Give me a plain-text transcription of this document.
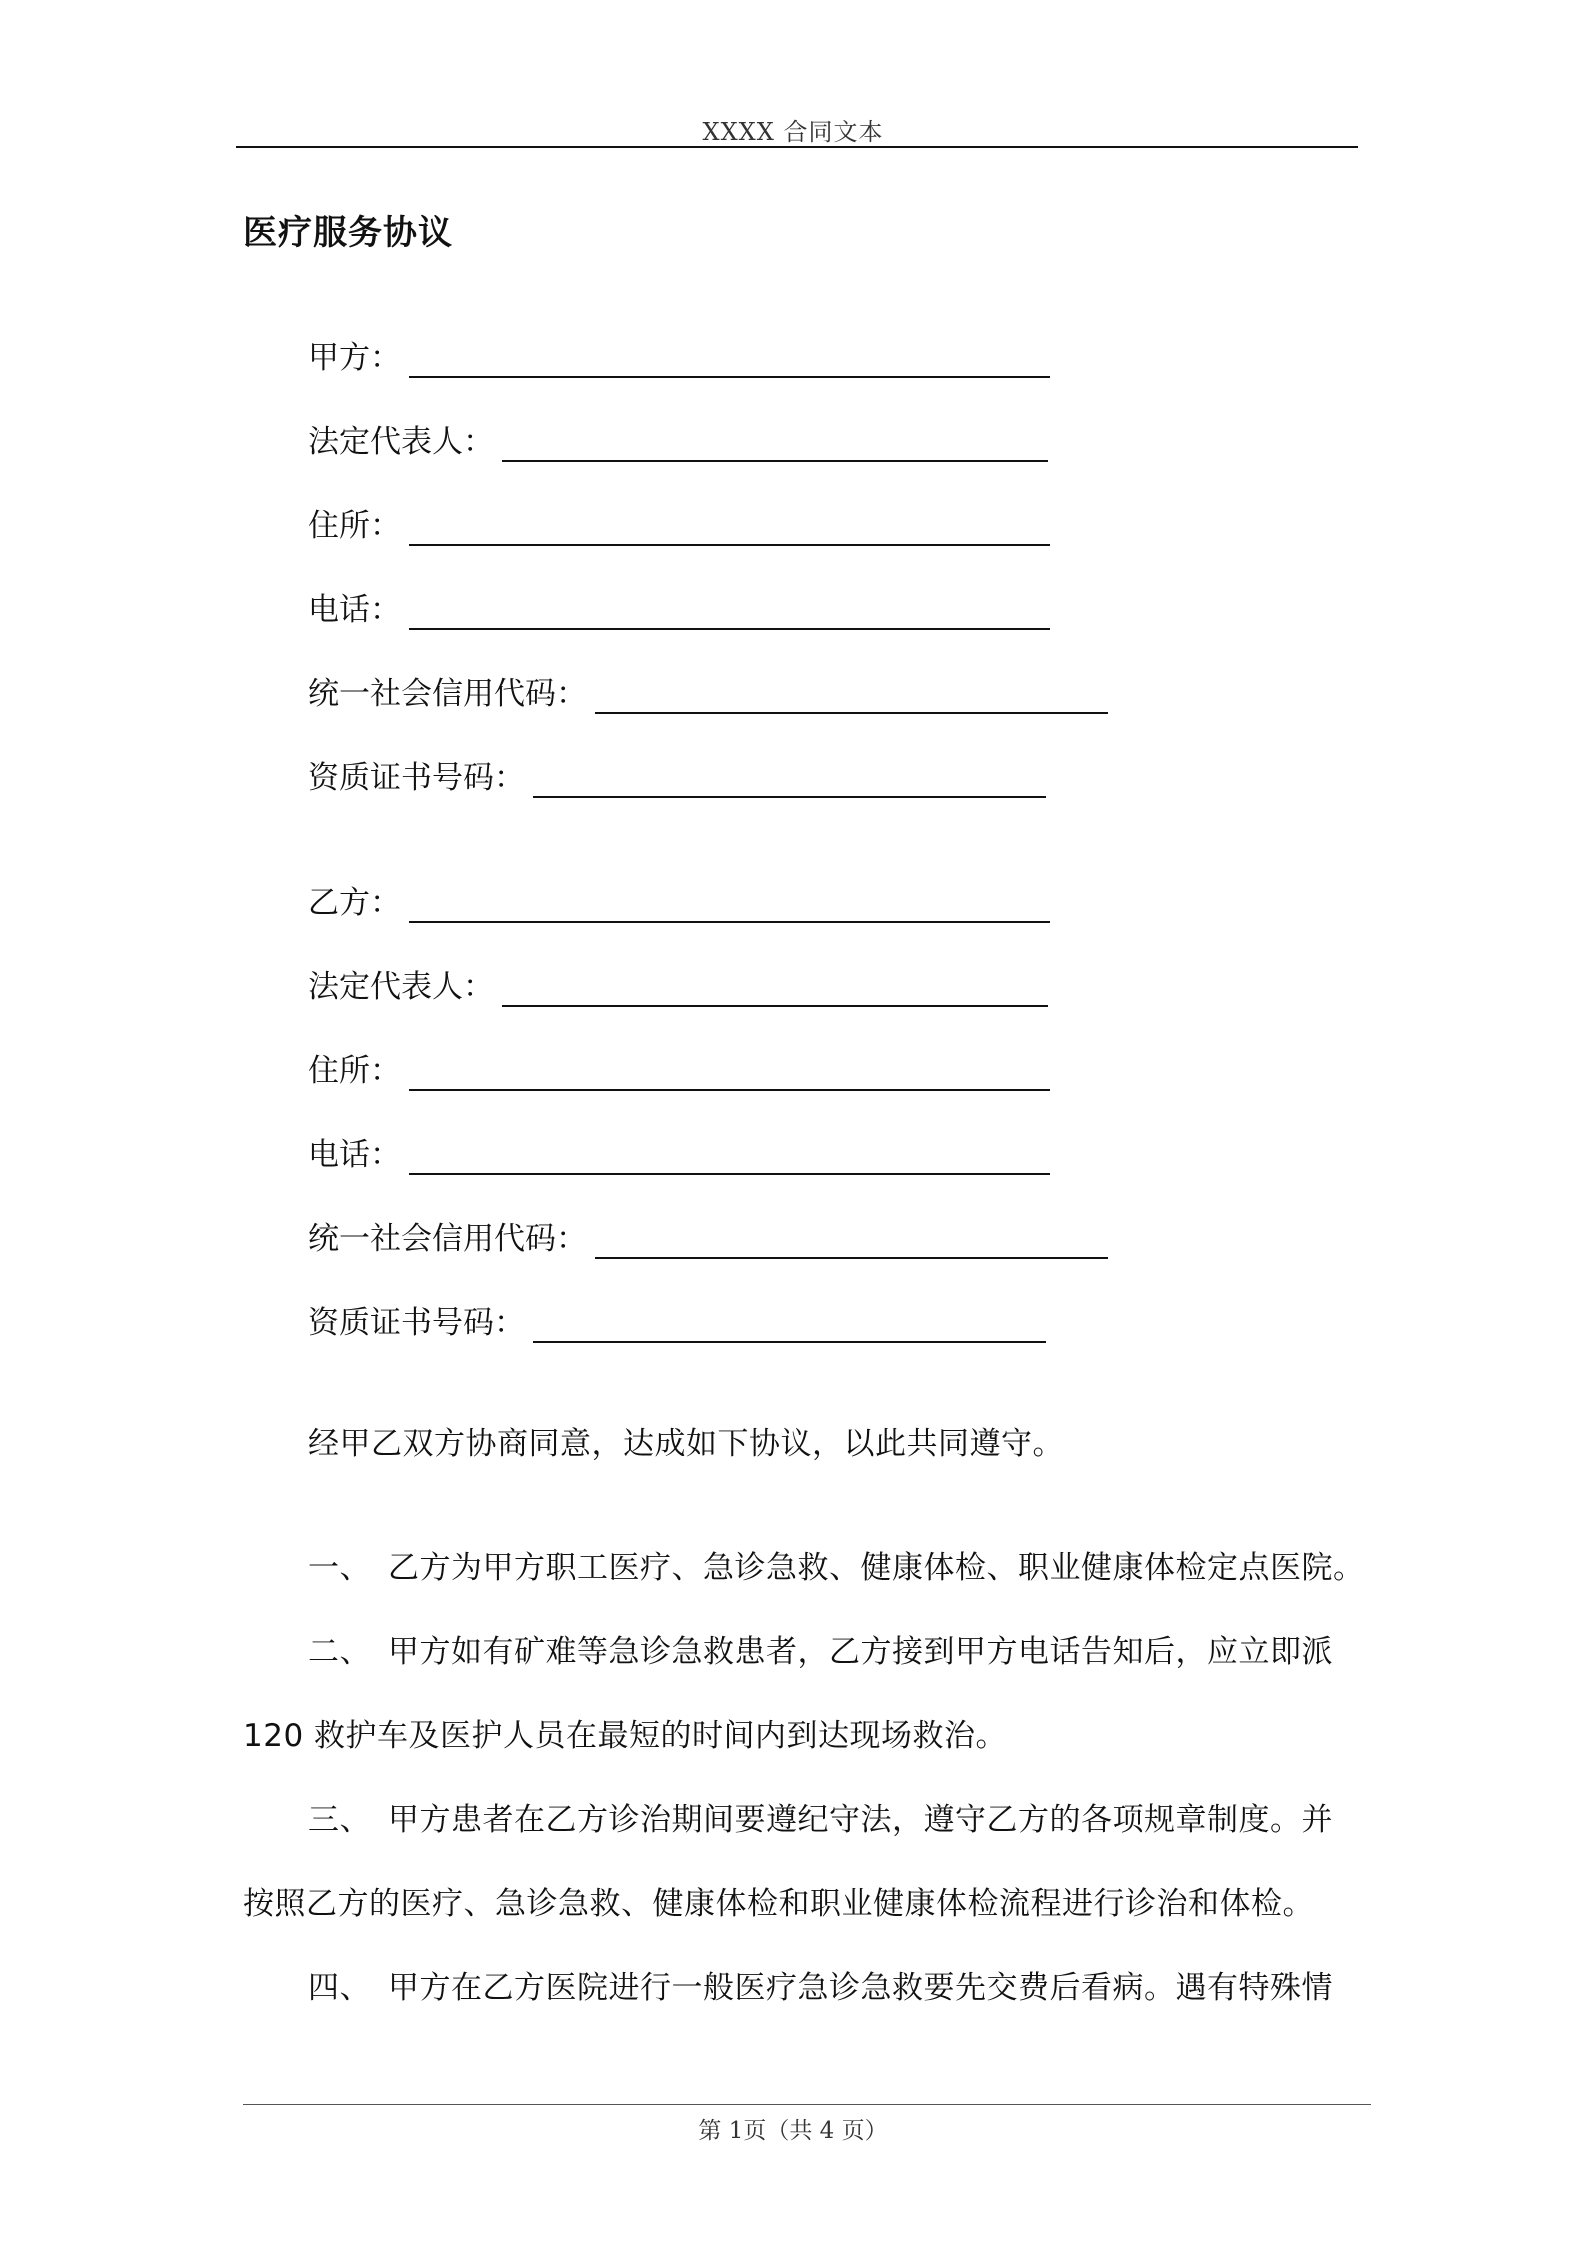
XXXX 合同文本
医疗服务协议
甲方：
法定代表人：
住所：
电话：
统一社会信用代码：
资质证书号码：
乙方：
法定代表人：
住所：
电话：
统一社会信用代码：
资质证书号码：
经甲乙双方协商同意，达成如下协议，以此共同遵守。
一、 乙方为甲方职工医疗、急诊急救、健康体检、职业健康体检定点医院。
二、 甲方如有矿难等急诊急救患者，乙方接到甲方电话告知后，应立即派
120 救护车及医护人员在最短的时间内到达现场救治。
三、 甲方患者在乙方诊治期间要遵纪守法，遵守乙方的各项规章制度。并
按照乙方的医疗、急诊急救、健康体检和职业健康体检流程进行诊治和体检。
四、 甲方在乙方医院进行一般医疗急诊急救要先交费后看病。遇有特殊情
第 1页（共 4 页）
